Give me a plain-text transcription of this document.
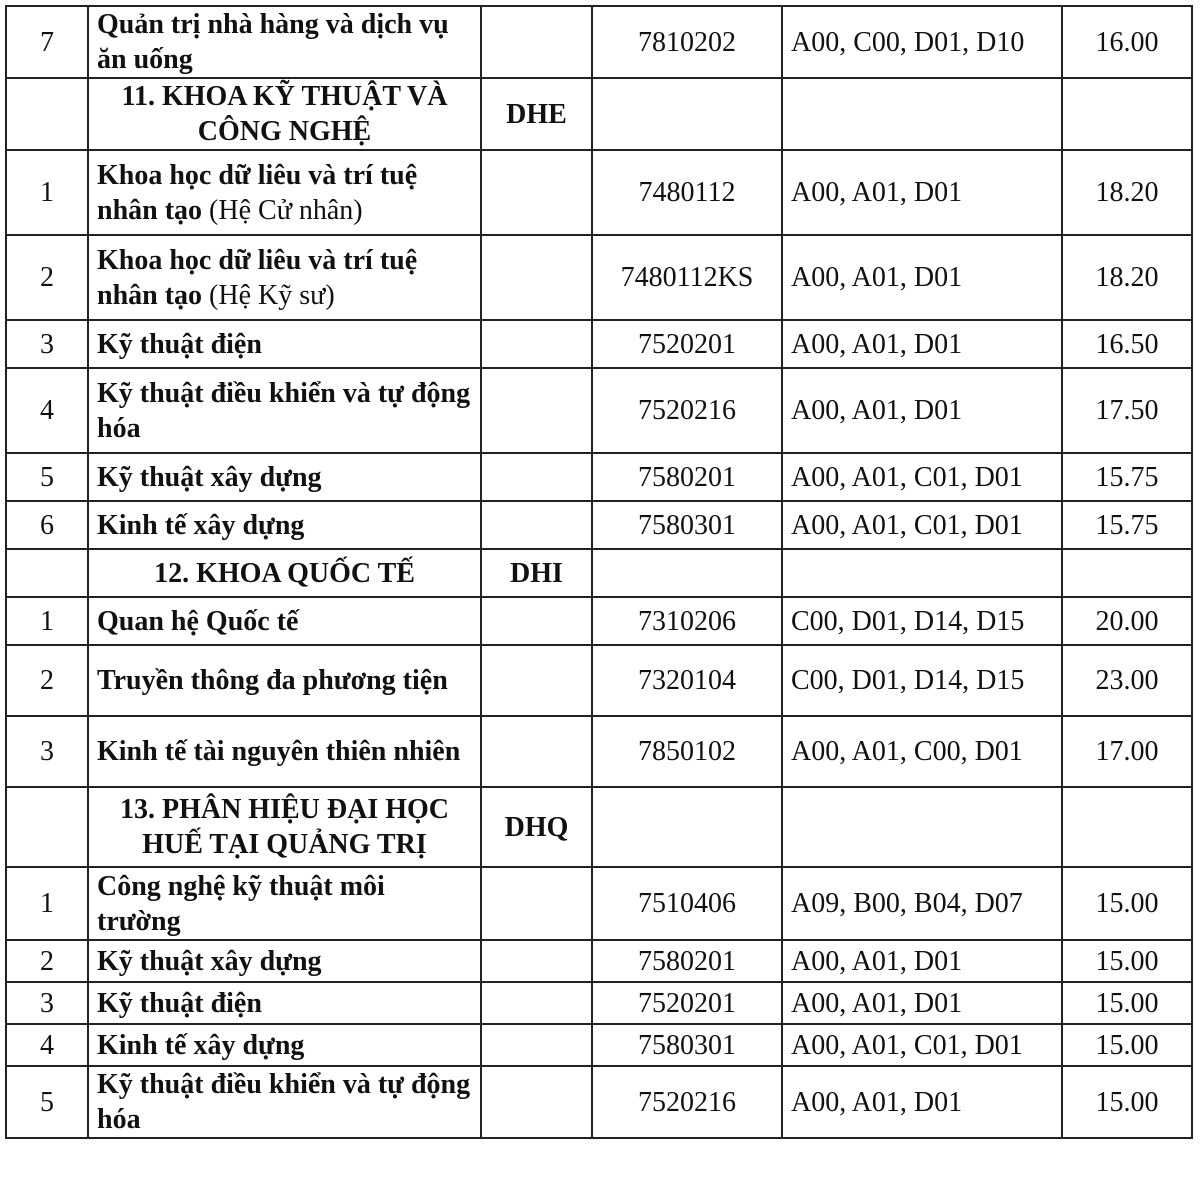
7	Quản trị nhà hàng và dịch vụ ăn uống		7810202	A00, C00, D01, D10	16.00
	11. KHOA KỸ THUẬT VÀ CÔNG NGHỆ	DHE			
1	Khoa học dữ liêu và trí tuệ nhân tạo (Hệ Cử nhân)		7480112	A00, A01, D01	18.20
2	Khoa học dữ liêu và trí tuệ nhân tạo (Hệ Kỹ sư)		7480112KS	A00, A01, D01	18.20
3	Kỹ thuật điện		7520201	A00, A01, D01	16.50
4	Kỹ thuật điều khiển và tự động hóa		7520216	A00, A01, D01	17.50
5	Kỹ thuật xây dựng		7580201	A00, A01, C01, D01	15.75
6	Kinh tế xây dựng		7580301	A00, A01, C01, D01	15.75
	12. KHOA QUỐC TẾ	DHI			
1	Quan hệ Quốc tế		7310206	C00, D01, D14, D15	20.00
2	Truyền thông đa phương tiện		7320104	C00, D01, D14, D15	23.00
3	Kinh tế tài nguyên thiên nhiên		7850102	A00, A01, C00, D01	17.00
	13. PHÂN HIỆU ĐẠI HỌC HUẾ TẠI QUẢNG TRỊ	DHQ			
1	Công nghệ kỹ thuật môi trường		7510406	A09, B00, B04, D07	15.00
2	Kỹ thuật xây dựng		7580201	A00, A01, D01	15.00
3	Kỹ thuật điện		7520201	A00, A01, D01	15.00
4	Kinh tế xây dựng		7580301	A00, A01, C01, D01	15.00
5	Kỹ thuật điều khiển và tự động hóa		7520216	A00, A01, D01	15.00
